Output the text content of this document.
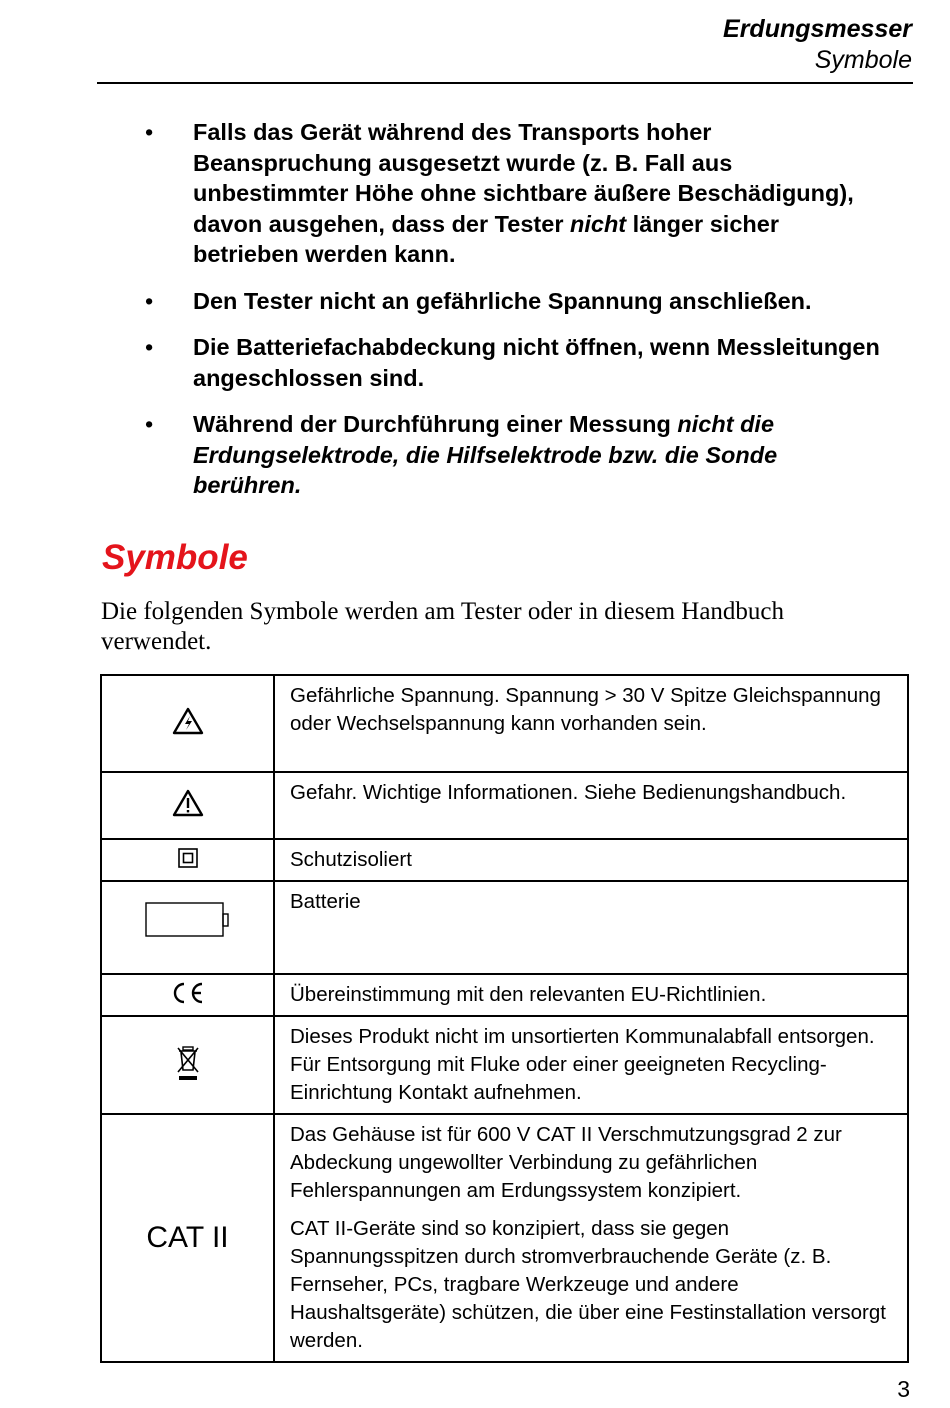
Erdungsmesser
Symbole
• Falls das Gerät während des Transports hoher Beanspruchung ausgesetzt wurde (z. B. Fall aus unbestimmter Höhe ohne sichtbare äußere Beschädigung), davon ausgehen, dass der Tester nicht länger sicher betrieben werden kann.
• Den Tester nicht an gefährliche Spannung anschließen.
• Die Batteriefachabdeckung nicht öffnen, wenn Messleitungen angeschlossen sind.
• Während der Durchführung einer Messung nicht die Erdungselektrode, die Hilfselektrode bzw. die Sonde berühren.
Symbole
Die folgenden Symbole werden am Tester oder in diesem Handbuch verwendet.

Gefährliche Spannung. Spannung > 30 V Spitze Gleichspannung oder Wechselspannung kann vorhanden sein.

Gefahr. Wichtige Informationen. Siehe Bedienungshandbuch.

Schutzisoliert

Batterie

Übereinstimmung mit den relevanten EU-Richtlinien.

Dieses Produkt nicht im unsortierten Kommunalabfall entsorgen. Für Entsorgung mit Fluke oder einer geeigneten Recycling-Einrichtung Kontakt aufnehmen.

CAT II	Das Gehäuse ist für 600 V CAT II Verschmutzungsgrad 2 zur Abdeckung ungewollter Verbindung zu gefährlichen Fehlerspannungen am Erdungssystem konzipiert.

CAT II-Geräte sind so konzipiert, dass sie gegen Spannungsspitzen durch stromverbrauchende Geräte (z. B. Fernseher, PCs, tragbare Werkzeuge und andere Haushaltsgeräte) schützen, die über eine Festinstallation versorgt werden.

3
